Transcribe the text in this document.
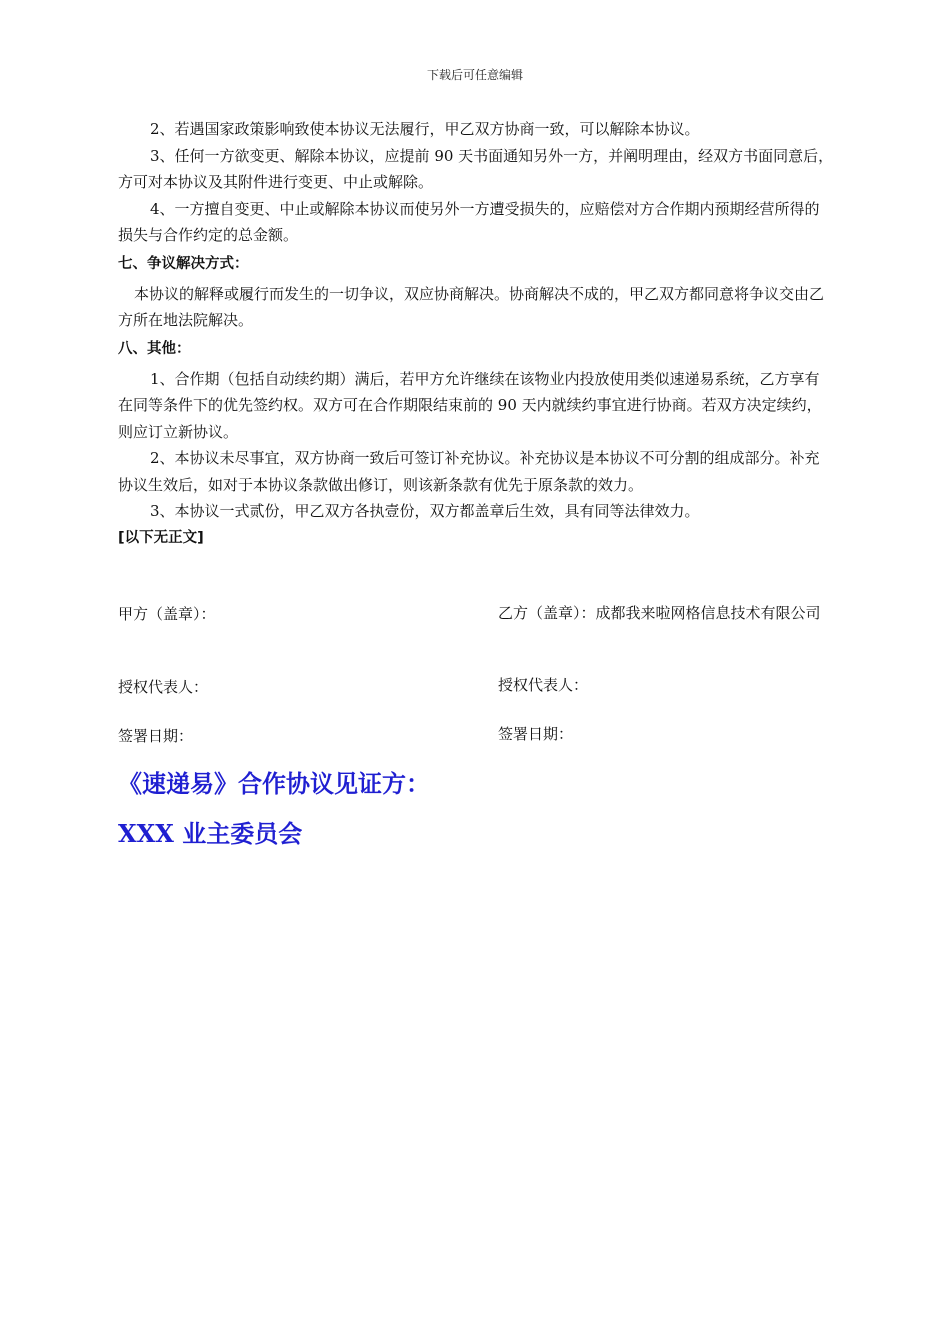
下载后可任意编辑

2、若遇国家政策影响致使本协议无法履行，甲乙双方协商一致，可以解除本协议。

3、任何一方欲变更、解除本协议，应提前 90 天书面通知另外一方，并阐明理由，经双方书面同意后，方可对本协议及其附件进行变更、中止或解除。

4、一方擅自变更、中止或解除本协议而使另外一方遭受损失的，应赔偿对方合作期内预期经营所得的损失与合作约定的总金额。

七、争议解决方式：

本协议的解释或履行而发生的一切争议，双应协商解决。协商解决不成的，甲乙双方都同意将争议交由乙方所在地法院解决。

八、其他：

1、合作期（包括自动续约期）满后，若甲方允许继续在该物业内投放使用类似速递易系统，乙方享有在同等条件下的优先签约权。双方可在合作期限结束前的 90 天内就续约事宜进行协商。若双方决定续约，则应订立新协议。

2、本协议未尽事宜，双方协商一致后可签订补充协议。补充协议是本协议不可分割的组成部分。补充协议生效后，如对于本协议条款做出修订，则该新条款有优先于原条款的效力。

3、本协议一式贰份，甲乙双方各执壹份，双方都盖章后生效，具有同等法律效力。

[以下无正文]

甲方（盖章）：	乙方（盖章）：成都我来啦网格信息技术有限公司
授权代表人：	授权代表人：
签署日期：	签署日期：
《速递易》合作协议见证方：
XXX 业主委员会
